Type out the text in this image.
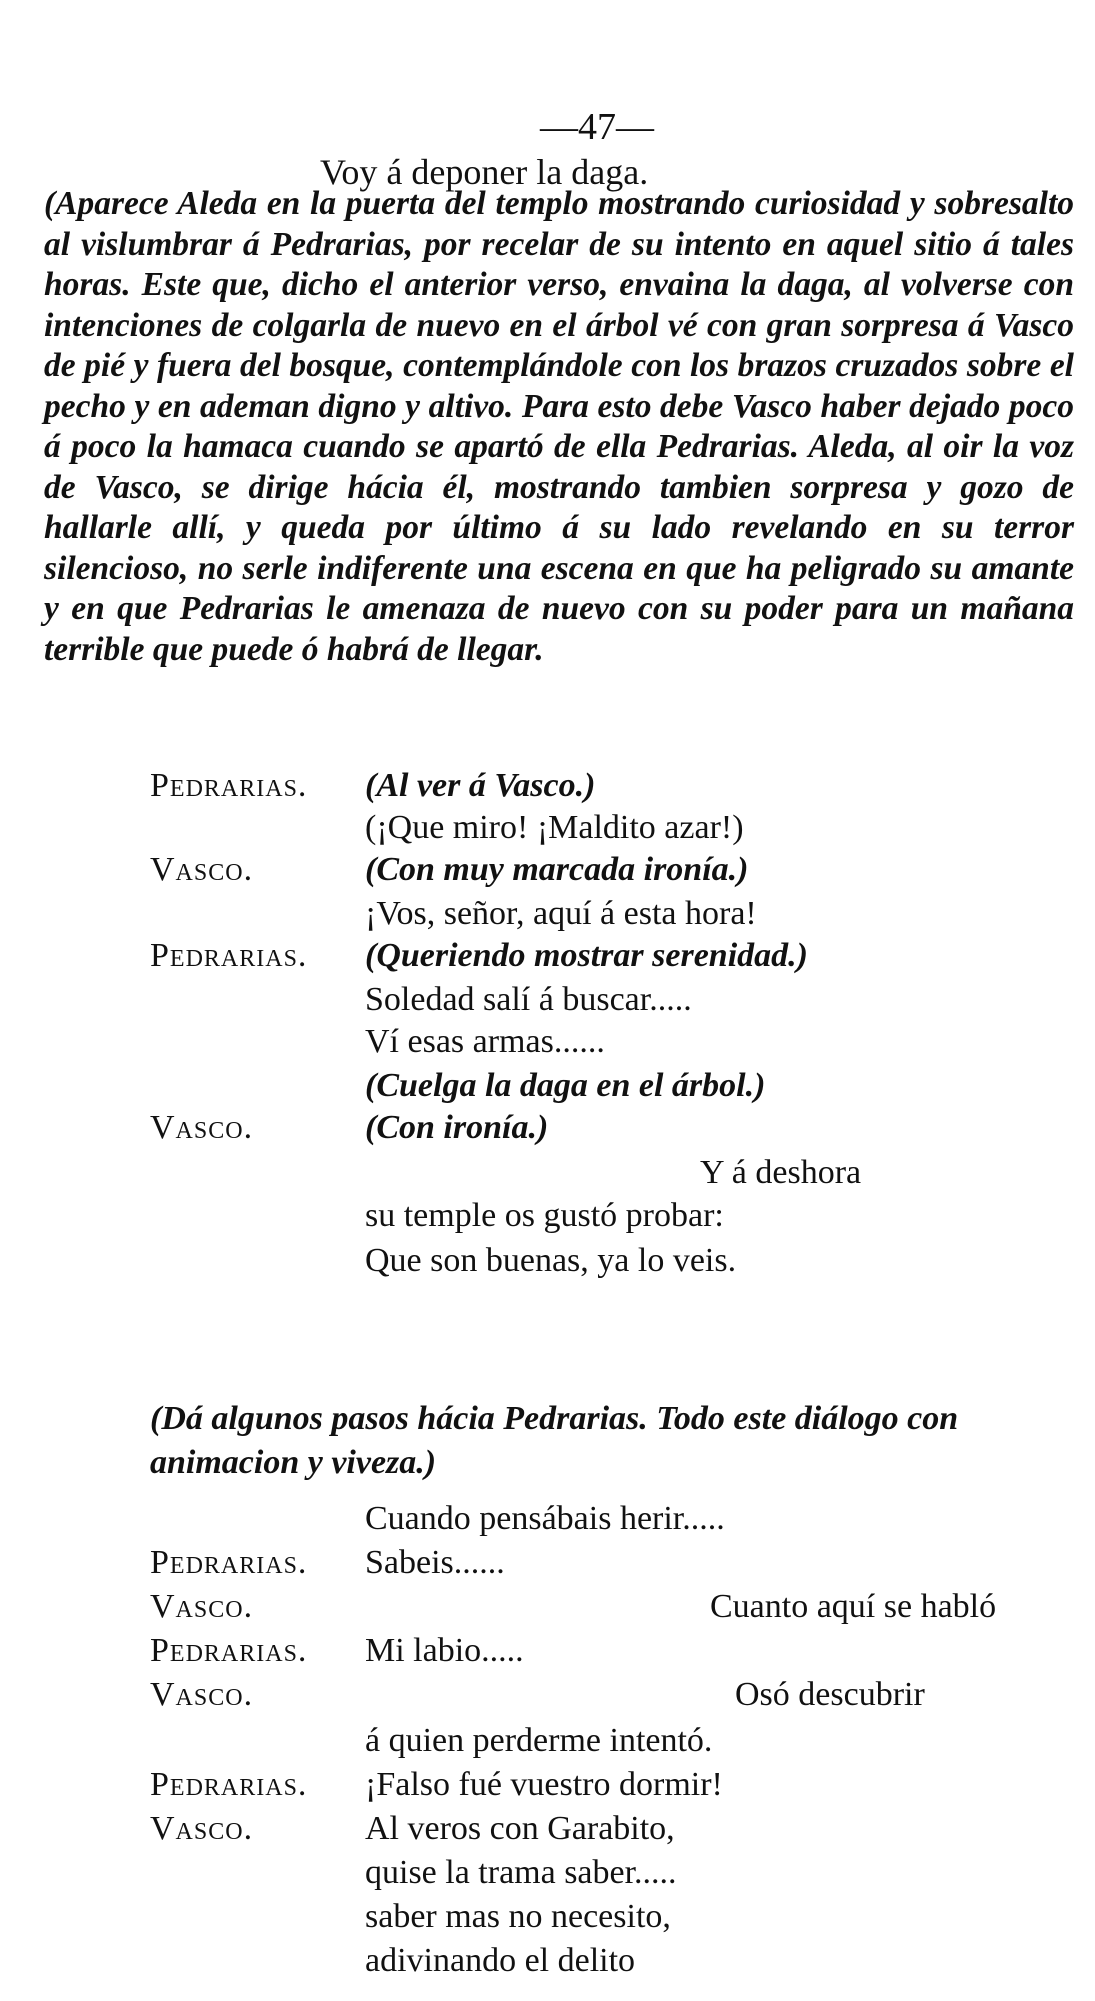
—47—
Voy á deponer la daga.
(Aparece Aleda en la puerta del templo mostrando curiosidad y sobresalto al vislumbrar á Pedrarias, por recelar de su intento en aquel sitio á tales horas. Este que, dicho el anterior verso, envaina la daga, al volverse con intenciones de colgarla de nuevo en el árbol vé con gran sorpresa á Vasco de pié y fuera del bosque, contemplándole con los brazos cruzados sobre el pecho y en ademan digno y altivo. Para esto debe Vasco haber dejado poco á poco la hamaca cuando se apartó de ella Pedrarias. Aleda, al oir la voz de Vasco, se dirige hácia él, mostrando tambien sorpresa y gozo de hallarle allí, y queda por último á su lado revelando en su terror silencioso, no serle indiferente una escena en que ha peligrado su amante y en que Pedrarias le amenaza de nuevo con su poder para un mañana terrible que puede ó habrá de llegar.
Pedrarias. (Al ver á Vasco.)
(¡Que miro! ¡Maldito azar!)
Vasco.	(Con muy marcada ironía.)
¡Vos, señor, aquí á esta hora!
Pedrarias. (Queriendo mostrar serenidad.)
Soledad salí á buscar.....
Ví esas armas......
(Cuelga la daga en el árbol.)
Vasco.	(Con ironía.)
Y á deshora
su temple os gustó probar:
Que son buenas, ya lo veis.
(Dá algunos pasos hácia Pedrarias. Todo este diálogo con
animacion y viveza.)
Cuando pensábais herir.....
Pedrarias. Sabeis......
Vasco.	Cuanto aquí se habló
Pedrarias. Mi labio.....
Vasco.	Osó descubrir
á quien perderme intentó.
Pedrarias. ¡Falso fué vuestro dormir!
Vasco.	Al veros con Garabito,
quise la trama saber.....
saber mas no necesito,
adivinando el delito
